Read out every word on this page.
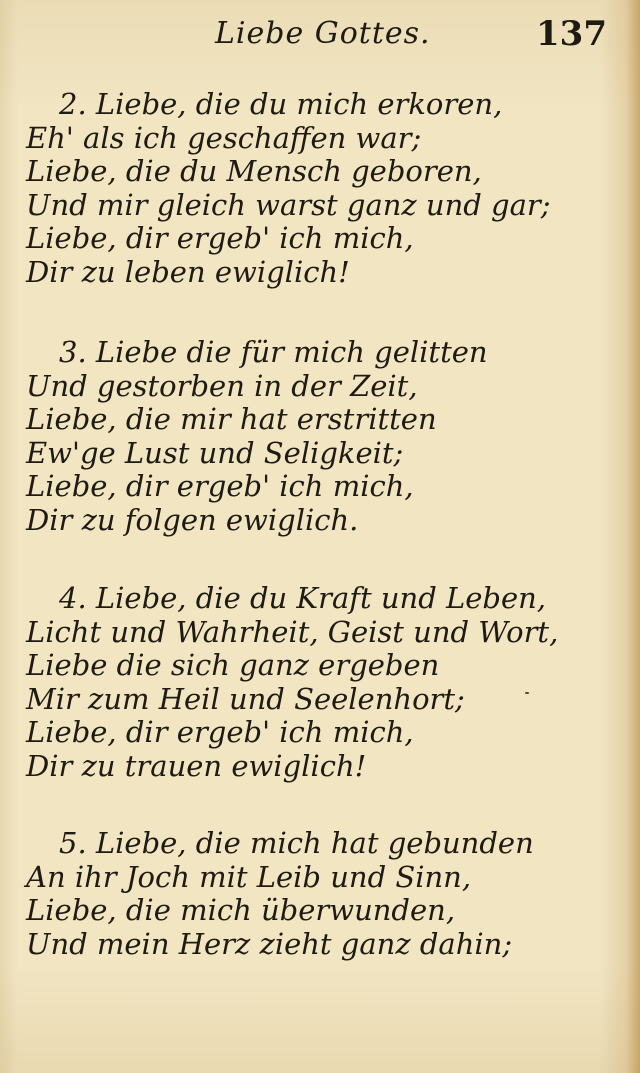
Liebe Gottes.	137
2. Liebe, die du mich erkoren,
Eh' als ich geschaffen war;
Liebe, die du Mensch geboren,
Und mir gleich warst ganz und gar;
Liebe, dir ergeb' ich mich,
Dir zu leben ewiglich!
3. Liebe die für mich gelitten
Und gestorben in der Zeit,
Liebe, die mir hat erstritten
Ew'ge Lust und Seligkeit;
Liebe, dir ergeb' ich mich,
Dir zu folgen ewiglich.
4. Liebe, die du Kraft und Leben,
Licht und Wahrheit, Geist und Wort,
Liebe die sich ganz ergeben
Mir zum Heil und Seelenhort;
Liebe, dir ergeb' ich mich,
Dir zu trauen ewiglich!
5. Liebe, die mich hat gebunden
An ihr Joch mit Leib und Sinn,
Liebe, die mich überwunden,
Und mein Herz zieht ganz dahin;
